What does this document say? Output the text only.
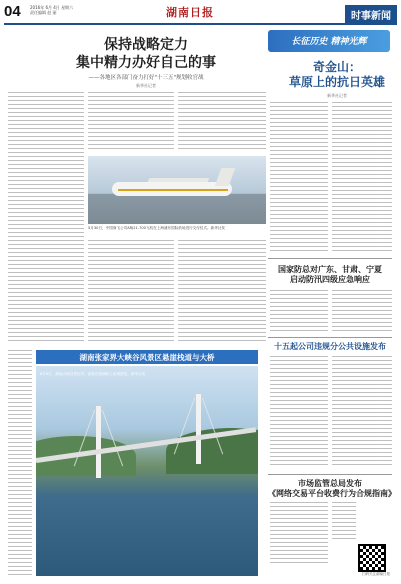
04 2016年 6月 4日 星期六
责任编辑 赵 丽	湖南日报	时事新闻
保持战略定力
集中精力办好自己的事
——各地区各部门奋力打好"十三五"规划收官战
新华社记者
5月30日，中国商飞公司ARJ21-700飞机在上海浦东国际机场进行交付仪式。新华社发
长征历史 精神光辉
奇金山：
草原上的抗日英雄
新华社记者
国家防总对广东、甘肃、宁夏
启动防汛四级应急响应
十五起公司违规分公共设施发布
市场监管总局发布
《网络交易平台收费行为合规指南》
湖南张家界大峡谷风景区悬崖栈道与大桥
6月3日，湖南大峡谷景区内，游客在玻璃桥上参观游览。新华社发
扫码关注湖南日报
